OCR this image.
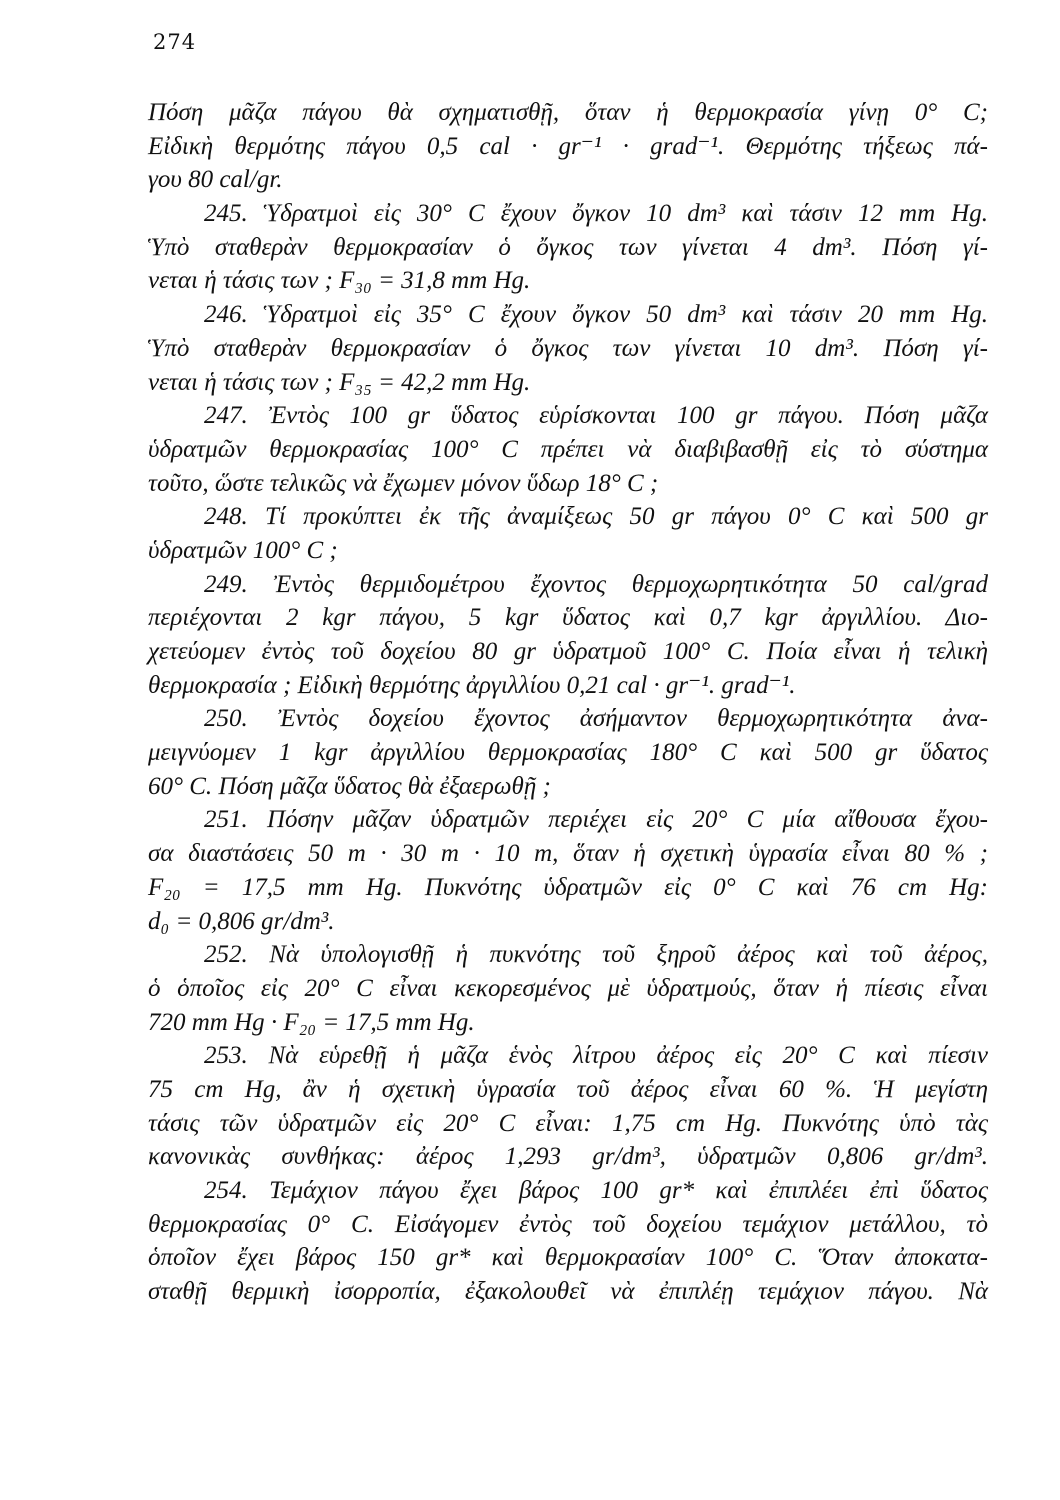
274
Πόση μᾶζα πάγου θὰ σχηματισθῇ, ὅταν ἡ θερμοκρασία γίνῃ 0° C;
Εἰδικὴ θερμότης πάγου 0,5 cal · gr⁻¹ · grad⁻¹. Θερμότης τήξεως πά-
γου 80 cal/gr.
245. Ὑδρατμοὶ εἰς 30° C ἔχουν ὄγκον 10 dm³ καὶ τάσιν 12 mm Hg.
Ὑπὸ σταθερὰν θερμοκρασίαν ὁ ὄγκος των γίνεται 4 dm³. Πόση γί-
νεται ἡ τάσις των ; F₃₀ = 31,8 mm Hg.
246. Ὑδρατμοὶ εἰς 35° C ἔχουν ὄγκον 50 dm³ καὶ τάσιν 20 mm Hg.
Ὑπὸ σταθερὰν θερμοκρασίαν ὁ ὄγκος των γίνεται 10 dm³. Πόση γί-
νεται ἡ τάσις των ; F₃₅ = 42,2 mm Hg.
247. Ἐντὸς 100 gr ὕδατος εὑρίσκονται 100 gr πάγου. Πόση μᾶζα
ὑδρατμῶν θερμοκρασίας 100° C πρέπει νὰ διαβιβασθῇ εἰς τὸ σύστημα
τοῦτο, ὥστε τελικῶς νὰ ἔχωμεν μόνον ὕδωρ 18° C ;
248. Τί προκύπτει ἐκ τῆς ἀναμίξεως 50 gr πάγου 0° C καὶ 500 gr
ὑδρατμῶν 100° C ;
249. Ἐντὸς θερμιδομέτρου ἔχοντος θερμοχωρητικότητα 50 cal/grad
περιέχονται 2 kgr πάγου, 5 kgr ὕδατος καὶ 0,7 kgr ἀργιλλίου. Διο-
χετεύομεν ἐντὸς τοῦ δοχείου 80 gr ὑδρατμοῦ 100° C. Ποία εἶναι ἡ τελικὴ
θερμοκρασία ; Εἰδικὴ θερμότης ἀργιλλίου 0,21 cal · gr⁻¹. grad⁻¹.
250. Ἐντὸς δοχείου ἔχοντος ἀσήμαντον θερμοχωρητικότητα ἀνα-
μειγνύομεν 1 kgr ἀργιλλίου θερμοκρασίας 180° C καὶ 500 gr ὕδατος
60° C. Πόση μᾶζα ὕδατος θὰ ἐξαερωθῇ ;
251. Πόσην μᾶζαν ὑδρατμῶν περιέχει εἰς 20° C μία αἴθουσα ἔχου-
σα διαστάσεις 50 m · 30 m · 10 m, ὅταν ἡ σχετικὴ ὑγρασία εἶναι 80 % ;
F₂₀ = 17,5 mm Hg. Πυκνότης ὑδρατμῶν εἰς 0° C καὶ 76 cm Hg:
d₀ = 0,806 gr/dm³.
252. Νὰ ὑπολογισθῇ ἡ πυκνότης τοῦ ξηροῦ ἀέρος καὶ τοῦ ἀέρος,
ὁ ὁποῖος εἰς 20° C εἶναι κεκορεσμένος μὲ ὑδρατμούς, ὅταν ἡ πίεσις εἶναι
720 mm Hg · F₂₀ = 17,5 mm Hg.
253. Νὰ εὑρεθῇ ἡ μᾶζα ἑνὸς λίτρου ἀέρος εἰς 20° C καὶ πίεσιν
75 cm Hg, ἂν ἡ σχετικὴ ὑγρασία τοῦ ἀέρος εἶναι 60 %. Ἡ μεγίστη
τάσις τῶν ὑδρατμῶν εἰς 20° C εἶναι: 1,75 cm Hg. Πυκνότης ὑπὸ τὰς
κανονικὰς συνθήκας: ἀέρος 1,293 gr/dm³, ὑδρατμῶν 0,806 gr/dm³.
254. Τεμάχιον πάγου ἔχει βάρος 100 gr* καὶ ἐπιπλέει ἐπὶ ὕδατος
θερμοκρασίας 0° C. Εἰσάγομεν ἐντὸς τοῦ δοχείου τεμάχιον μετάλλου, τὸ
ὁποῖον ἔχει βάρος 150 gr* καὶ θερμοκρασίαν 100° C. Ὅταν ἀποκατα-
σταθῇ θερμικὴ ἰσορροπία, ἐξακολουθεῖ νὰ ἐπιπλέῃ τεμάχιον πάγου. Νὰ
